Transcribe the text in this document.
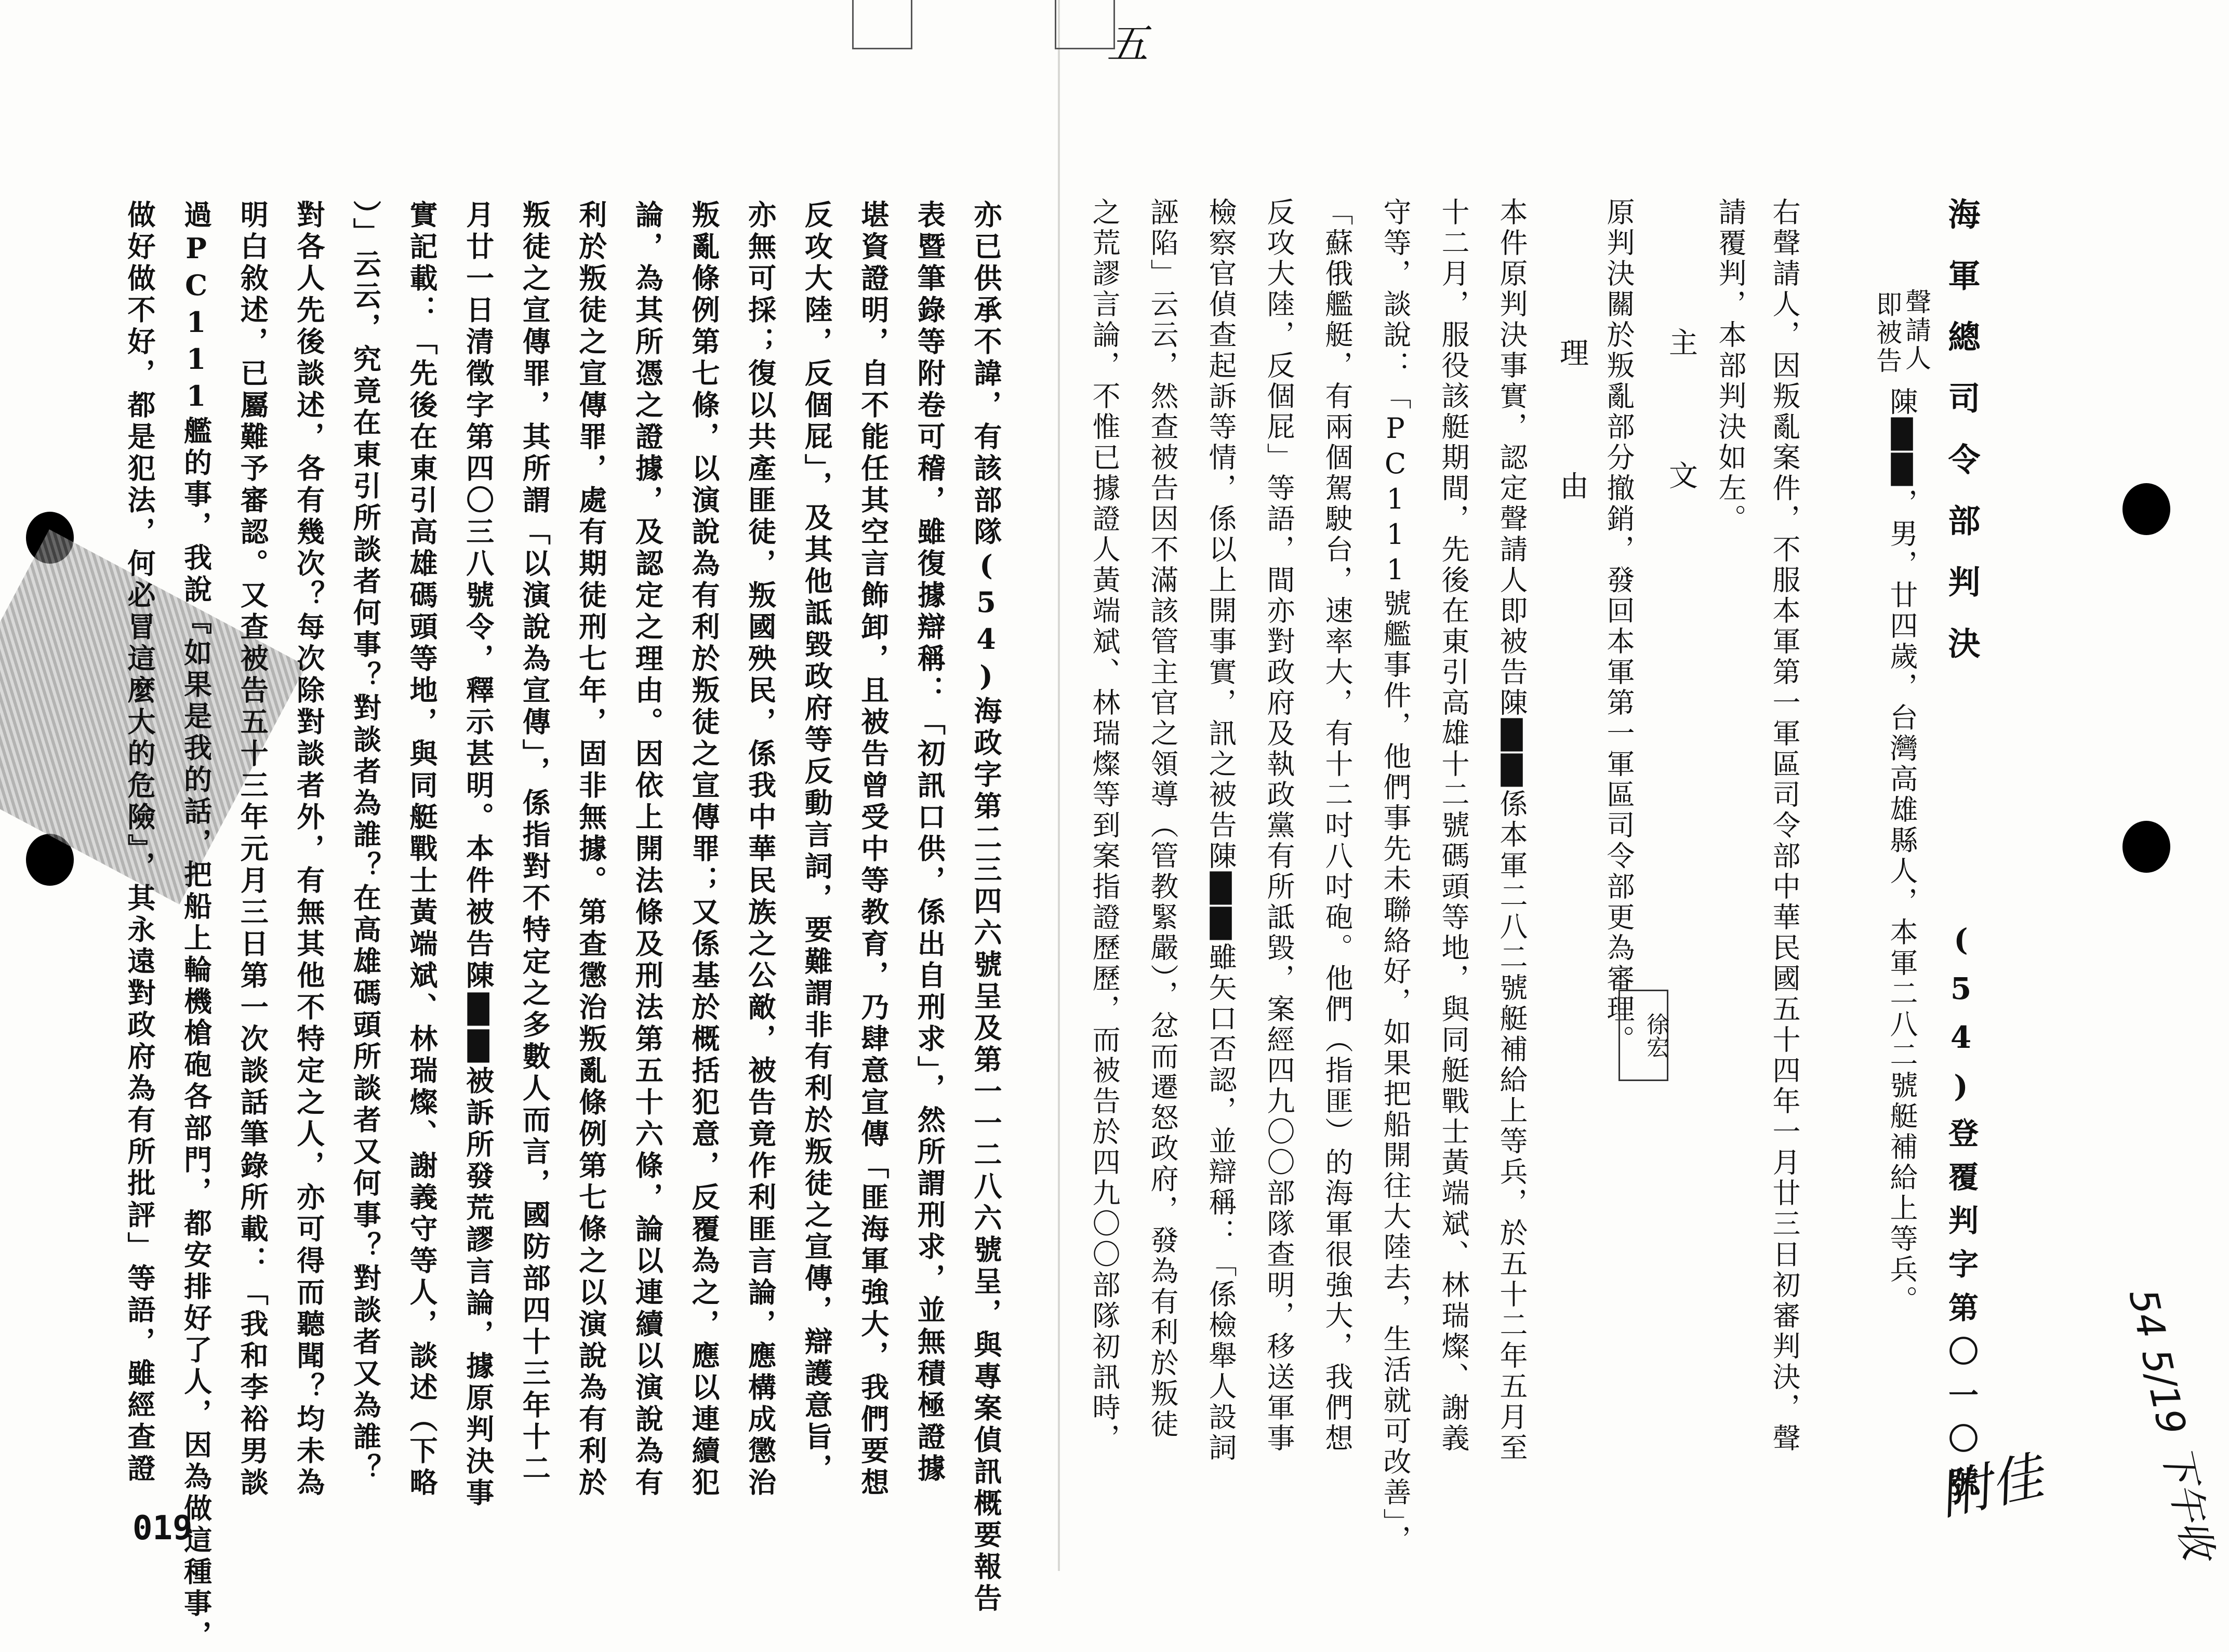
五
海軍總司令部判決
(54)登覆判字第〇一〇號
聲請人
即被告
陳██，男，廿四歲，台灣高雄縣人，本軍二八二號艇補給上等兵。
右聲請人，因叛亂案件，不服本軍第一軍區司令部中華民國五十四年一月廿三日初審判決，聲
請覆判，本部判決如左。
主文
原判決關於叛亂部分撤銷，發回本軍第一軍區司令部更為審理。 徐宏
理由
本件原判決事實，認定聲請人即被告陳██係本軍二八二號艇補給上等兵，於五十二年五月至
十二月，服役該艇期間，先後在東引高雄十二號碼頭等地，與同艇戰士黃端斌、林瑞燦、謝義
守等，談說：「PC111號艦事件，他們事先未聯絡好，如果把船開往大陸去，生活就可改善」，
「蘇俄艦艇，有兩個駕駛台，速率大，有十二吋八吋砲。他們（指匪）的海軍很強大，我們想
反攻大陸，反個屁」等語，間亦對政府及執政黨有所詆毀，案經四九〇〇部隊查明，移送軍事
檢察官偵查起訴等情，係以上開事實，訊之被告陳██雖矢口否認，並辯稱：「係檢舉人設詞
誣陷」云云，然查被告因不滿該管主官之領導（管教緊嚴），忿而遷怒政府，發為有利於叛徒
之荒謬言論，不惟已據證人黃端斌、林瑞燦等到案指證歷歷，而被告於四九〇〇部隊初訊時，
亦已供承不諱，有該部隊(54)海政字第二三四六號呈及第一一二八六號呈，與專案偵訊概要報告
表暨筆錄等附卷可稽，雖復據辯稱：「初訊口供，係出自刑求」，然所謂刑求，並無積極證據
堪資證明，自不能任其空言飾卸，且被告曾受中等教育，乃肆意宣傳「匪海軍強大，我們要想
反攻大陸，反個屁」，及其他詆毀政府等反動言詞，要難謂非有利於叛徒之宣傳，辯護意旨，
亦無可採；復以共產匪徒，叛國殃民，係我中華民族之公敵，被告竟作利匪言論，應構成懲治
叛亂條例第七條，以演說為有利於叛徒之宣傳罪；又係基於概括犯意，反覆為之，應以連續犯
論，為其所憑之證據，及認定之理由。因依上開法條及刑法第五十六條，論以連續以演說為有
利於叛徒之宣傳罪，處有期徒刑七年，固非無據。第查懲治叛亂條例第七條之以演說為有利於
叛徒之宣傳罪，其所謂「以演說為宣傳」，係指對不特定之多數人而言，國防部四十三年十二
月廿一日清徵字第四〇三八號令，釋示甚明。本件被告陳██被訴所發荒謬言論，據原判決事
實記載：「先後在東引高雄碼頭等地，與同艇戰士黃端斌、林瑞燦、謝義守等人，談述（下略
）」云云，究竟在東引所談者何事？對談者為誰？在高雄碼頭所談者又何事？對談者又為誰？
對各人先後談述，各有幾次？每次除對談者外，有無其他不特定之人，亦可得而聽聞？均未為
明白敘述，已屬難予審認。又查被告五十三年元月三日第一次談話筆錄所載：「我和李裕男談
過PC111艦的事，我說『如果是我的話，把船上輪機槍砲各部門，都安排好了人，因為做這種事，
做好做不好，都是犯法，何必冒這麼大的危險』，其永遠對政府為有所批評」等語，雖經查證
019	54 5/19 下午收
附佳
